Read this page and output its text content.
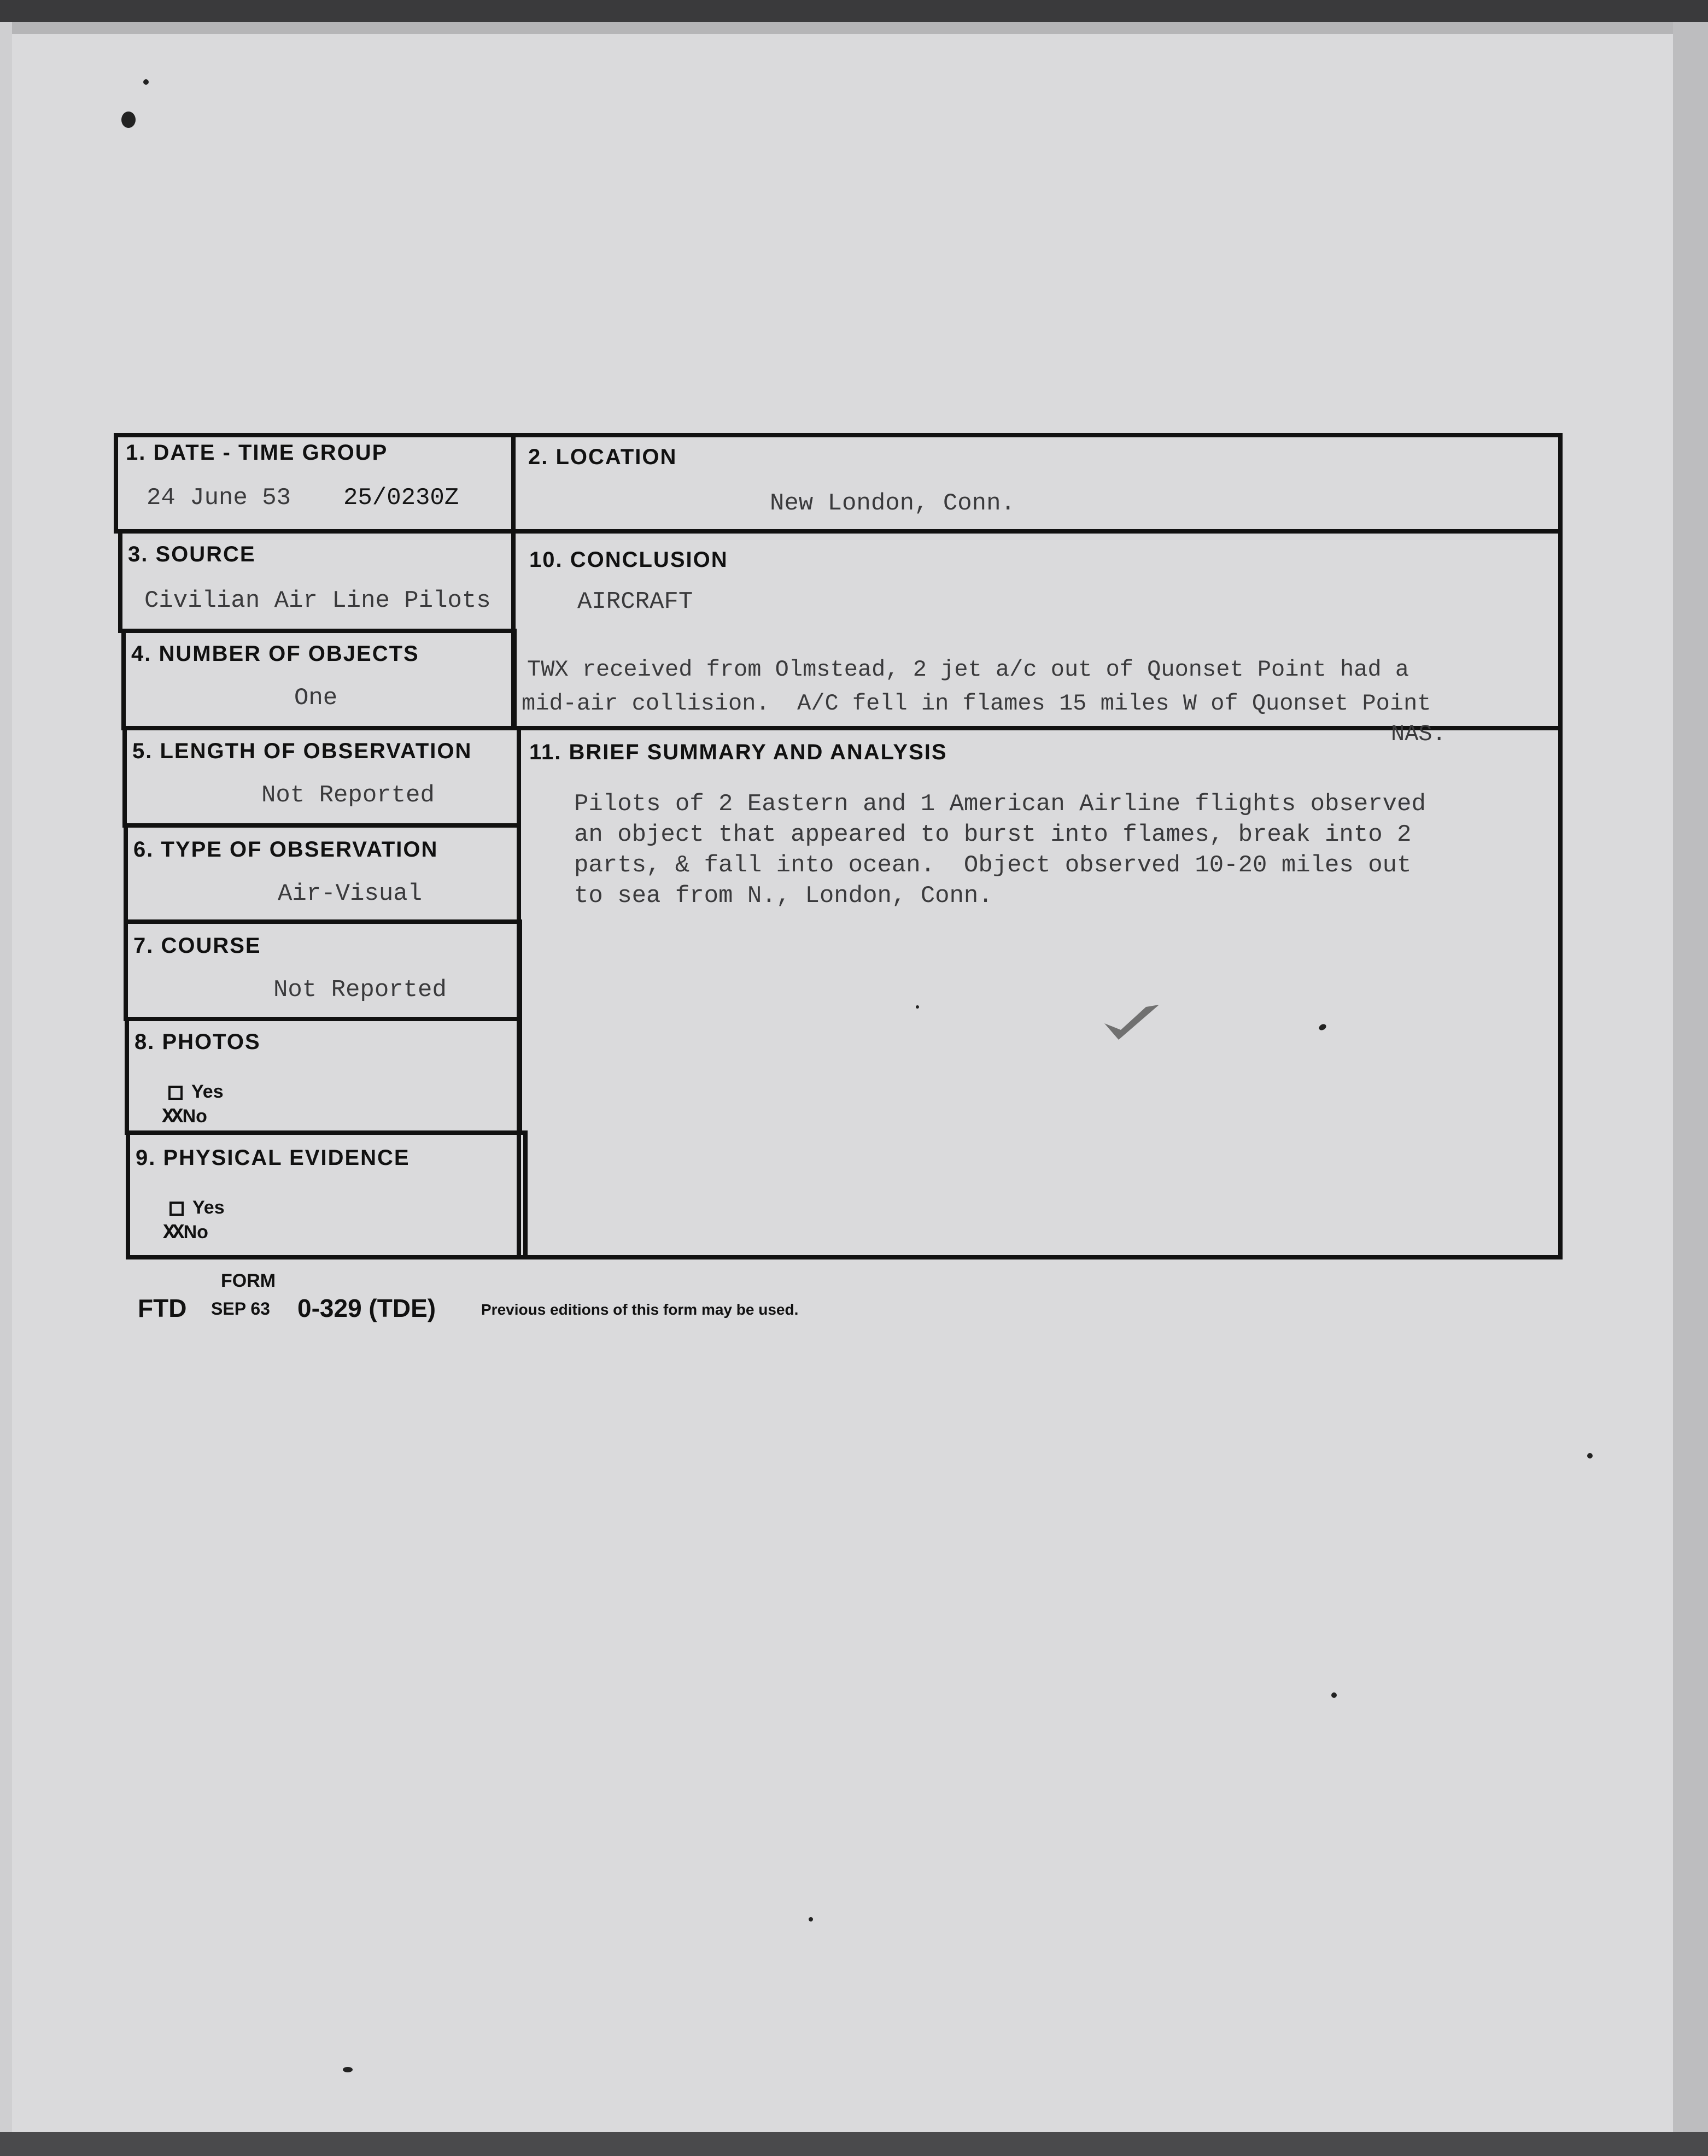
1. DATE - TIME GROUP
24 June 53 25/0230Z
2. LOCATION
New London, Conn.
3. SOURCE
Civilian Air Line Pilots
10. CONCLUSION
AIRCRAFT
TWX received from Olmstead, 2 jet a/c out of Quonset Point had a
mid-air collision.  A/C fell in flames 15 miles W of Quonset Point
NAS.
4. NUMBER OF OBJECTS
One
5. LENGTH OF OBSERVATION
Not Reported
11. BRIEF SUMMARY AND ANALYSIS
Pilots of 2 Eastern and 1 American Airline flights observed
an object that appeared to burst into flames, break into 2
parts, & fall into ocean.  Object observed 10-20 miles out
to sea from N., London, Conn.
6. TYPE OF OBSERVATION
Air-Visual
7. COURSE
Not Reported
8. PHOTOS
Yes
XX No
9. PHYSICAL EVIDENCE
Yes
XX No
FORM
FTD SEP 63 0-329 (TDE)	Previous editions of this form may be used.
